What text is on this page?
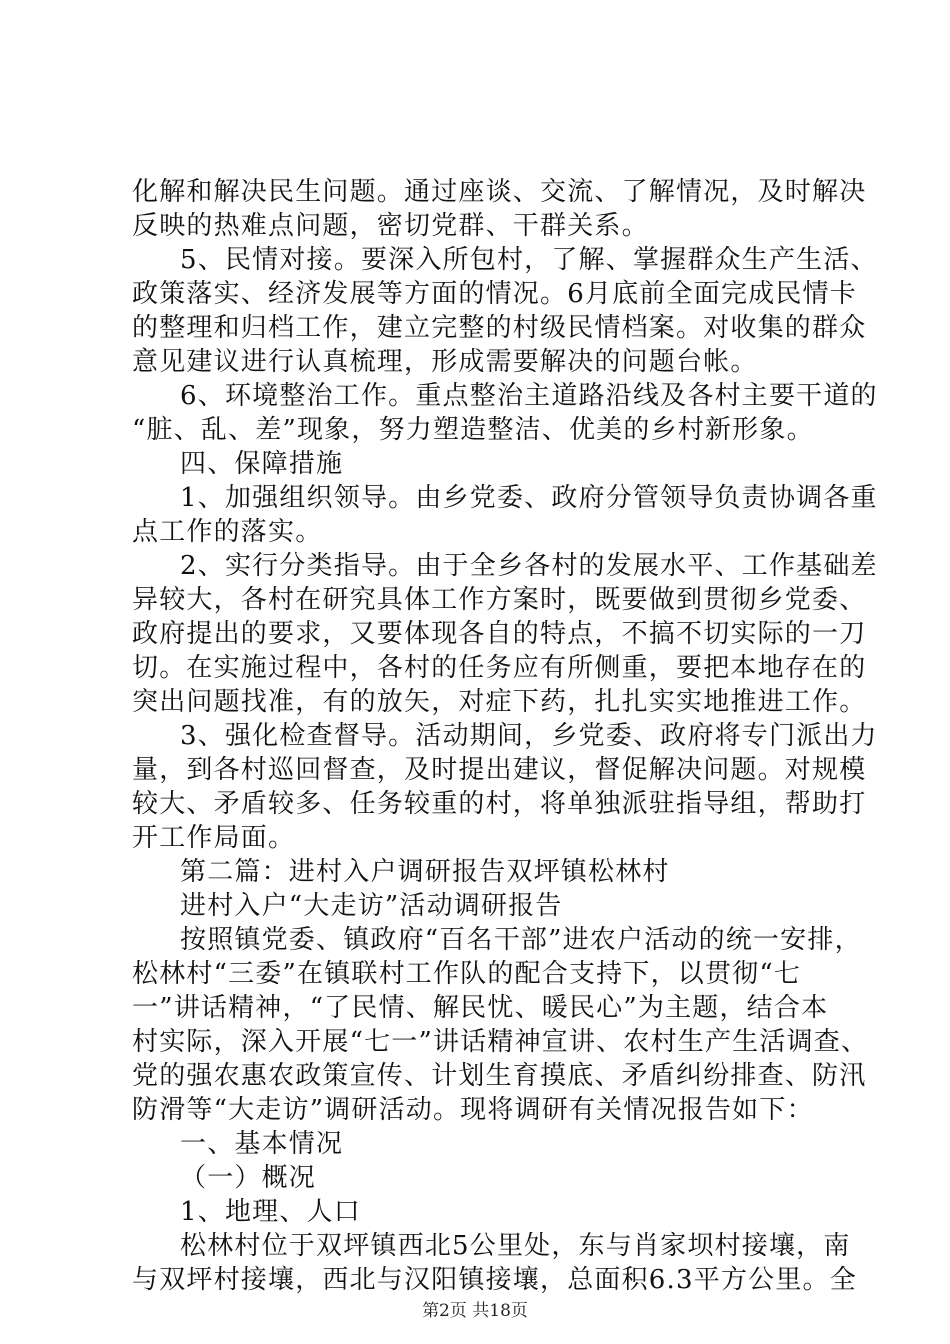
化解和解决民生问题。通过座谈、交流、了解情况，及时解决
反映的热难点问题，密切党群、干群关系。
5、民情对接。要深入所包村，了解、掌握群众生产生活、
政策落实、经济发展等方面的情况。6月底前全面完成民情卡
的整理和归档工作，建立完整的村级民情档案。对收集的群众
意见建议进行认真梳理，形成需要解决的问题台帐。
6、环境整治工作。重点整治主道路沿线及各村主要干道的
“脏、乱、差”现象，努力塑造整洁、优美的乡村新形象。
四、保障措施
1、加强组织领导。由乡党委、政府分管领导负责协调各重
点工作的落实。
2、实行分类指导。由于全乡各村的发展水平、工作基础差
异较大，各村在研究具体工作方案时，既要做到贯彻乡党委、
政府提出的要求，又要体现各自的特点，不搞不切实际的一刀
切。在实施过程中，各村的任务应有所侧重，要把本地存在的
突出问题找准，有的放矢，对症下药，扎扎实实地推进工作。
3、强化检查督导。活动期间，乡党委、政府将专门派出力
量，到各村巡回督查，及时提出建议，督促解决问题。对规模
较大、矛盾较多、任务较重的村，将单独派驻指导组，帮助打
开工作局面。
第二篇：进村入户调研报告双坪镇松林村
进村入户“大走访”活动调研报告
按照镇党委、镇政府“百名干部”进农户活动的统一安排，
松林村“三委”在镇联村工作队的配合支持下，以贯彻“七
一”讲话精神，“了民情、解民忧、暖民心”为主题，结合本
村实际，深入开展“七一”讲话精神宣讲、农村生产生活调查、
党的强农惠农政策宣传、计划生育摸底、矛盾纠纷排查、防汛
防滑等“大走访”调研活动。现将调研有关情况报告如下：
一、基本情况
（一）概况
1、地理、人口
松林村位于双坪镇西北5公里处，东与肖家坝村接壤，南
与双坪村接壤，西北与汉阳镇接壤，总面积6.3平方公里。全
第2页 共18页
